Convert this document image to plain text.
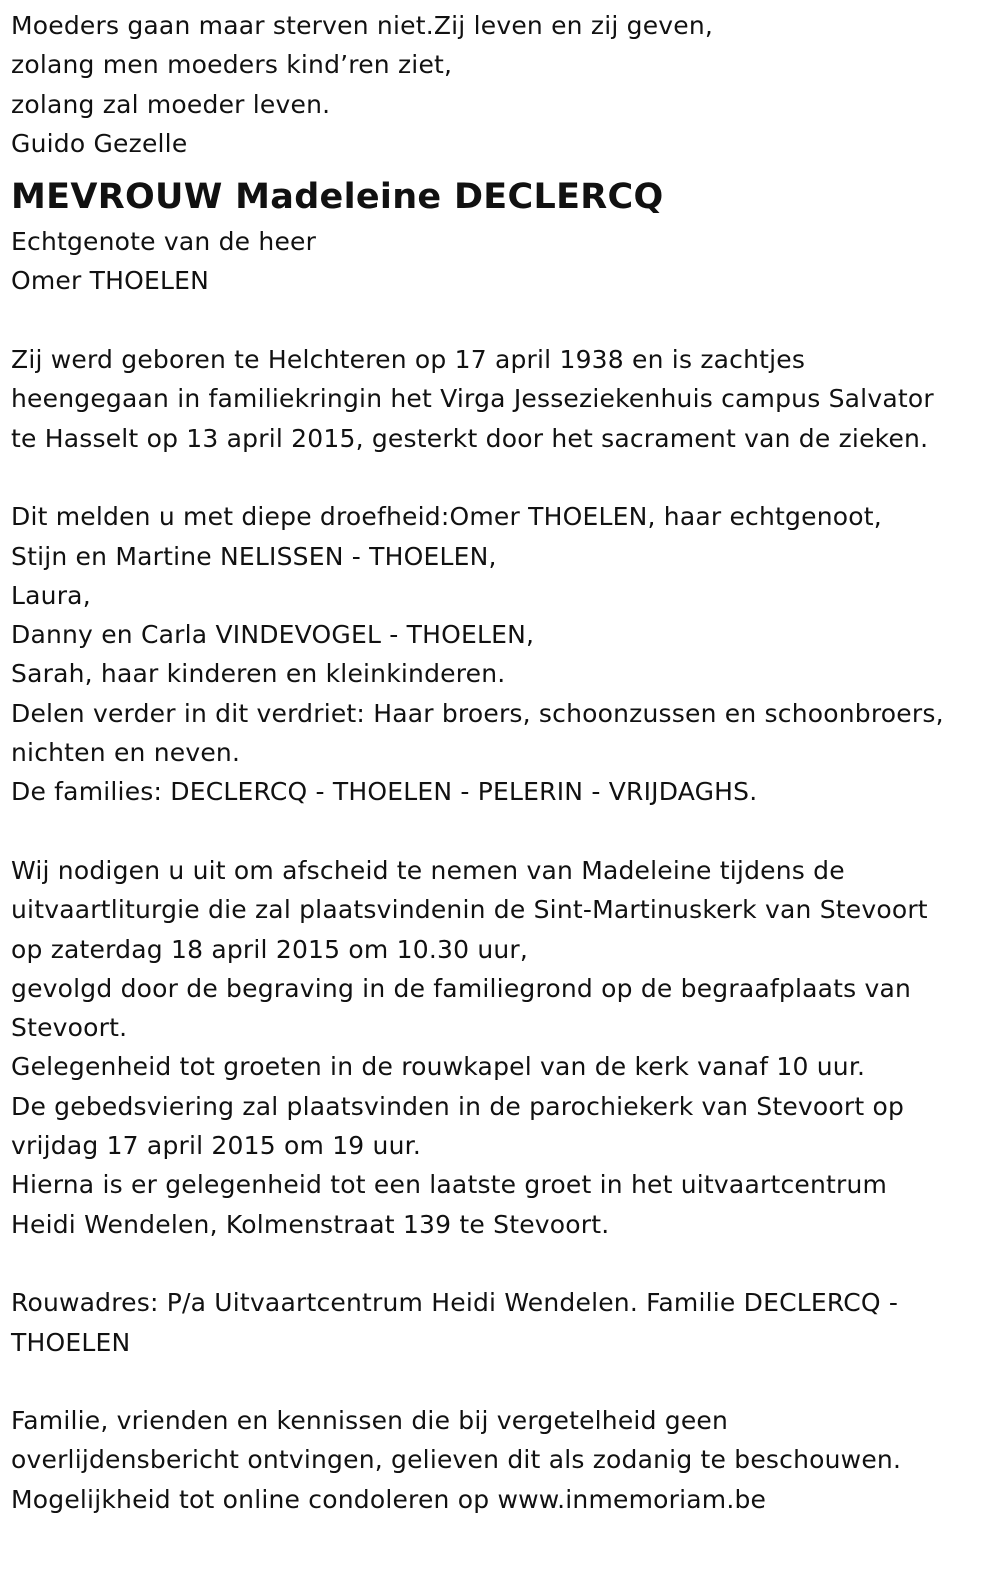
Moeders gaan maar sterven niet.Zij leven en zij geven,
zolang men moeders kind’ren ziet,
zolang zal moeder leven.
Guido Gezelle
MEVROUW Madeleine DECLERCQ
Echtgenote van de heer
Omer THOELEN
Zij werd geboren te Helchteren op 17 april 1938 en is zachtjes
heengegaan in familiekringin het Virga Jesseziekenhuis campus Salvator
te Hasselt op 13 april 2015, gesterkt door het sacrament van de zieken.
Dit melden u met diepe droefheid:Omer THOELEN, haar echtgenoot,
Stijn en Martine NELISSEN - THOELEN,
Laura,
Danny en Carla VINDEVOGEL - THOELEN,
Sarah, haar kinderen en kleinkinderen.
Delen verder in dit verdriet: Haar broers, schoonzussen en schoonbroers,
nichten en neven.
De families: DECLERCQ - THOELEN - PELERIN - VRIJDAGHS.
Wij nodigen u uit om afscheid te nemen van Madeleine tijdens de
uitvaartliturgie die zal plaatsvindenin de Sint-Martinuskerk van Stevoort
op zaterdag 18 april 2015 om 10.30 uur,
gevolgd door de begraving in de familiegrond op de begraafplaats van
Stevoort.
Gelegenheid tot groeten in de rouwkapel van de kerk vanaf 10 uur.
De gebedsviering zal plaatsvinden in de parochiekerk van Stevoort op
vrijdag 17 april 2015 om 19 uur.
Hierna is er gelegenheid tot een laatste groet in het uitvaartcentrum
Heidi Wendelen, Kolmenstraat 139 te Stevoort.
Rouwadres: P/a Uitvaartcentrum Heidi Wendelen. Familie DECLERCQ -
THOELEN
Familie, vrienden en kennissen die bij vergetelheid geen
overlijdensbericht ontvingen, gelieven dit als zodanig te beschouwen.
Mogelijkheid tot online condoleren op www.inmemoriam.be
